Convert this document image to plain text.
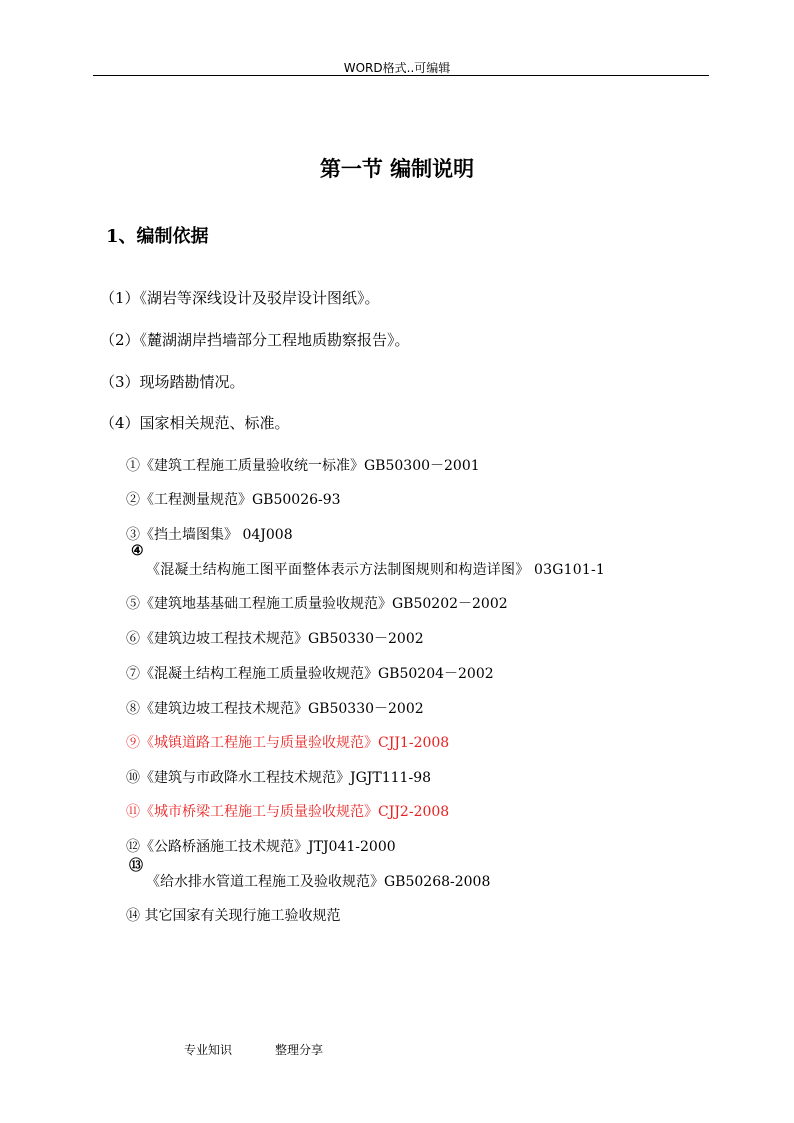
WORD格式..可编辑
第一节 编制说明
1、编制依据
（1）《湖岩等深线设计及驳岸设计图纸》。
（2）《麓湖湖岸挡墙部分工程地质勘察报告》。
（3）现场踏勘情况。
（4）国家相关规范、标准。
①《建筑工程施工质量验收统一标准》GB50300－2001
②《工程测量规范》GB50026-93
③《挡土墙图集》 04J008
④
《混凝土结构施工图平面整体表示方法制图规则和构造详图》 03G101-1
⑤《建筑地基基础工程施工质量验收规范》GB50202－2002
⑥《建筑边坡工程技术规范》GB50330－2002
⑦《混凝土结构工程施工质量验收规范》GB50204－2002
⑧《建筑边坡工程技术规范》GB50330－2002
⑨《城镇道路工程施工与质量验收规范》CJJ1-2008
⑩《建筑与市政降水工程技术规范》JGJT111-98
⑪《城市桥梁工程施工与质量验收规范》CJJ2-2008
⑫《公路桥涵施工技术规范》JTJ041-2000
⑬
《给水排水管道工程施工及验收规范》GB50268-2008
⑭ 其它国家有关现行施工验收规范
专业知识	整理分享
